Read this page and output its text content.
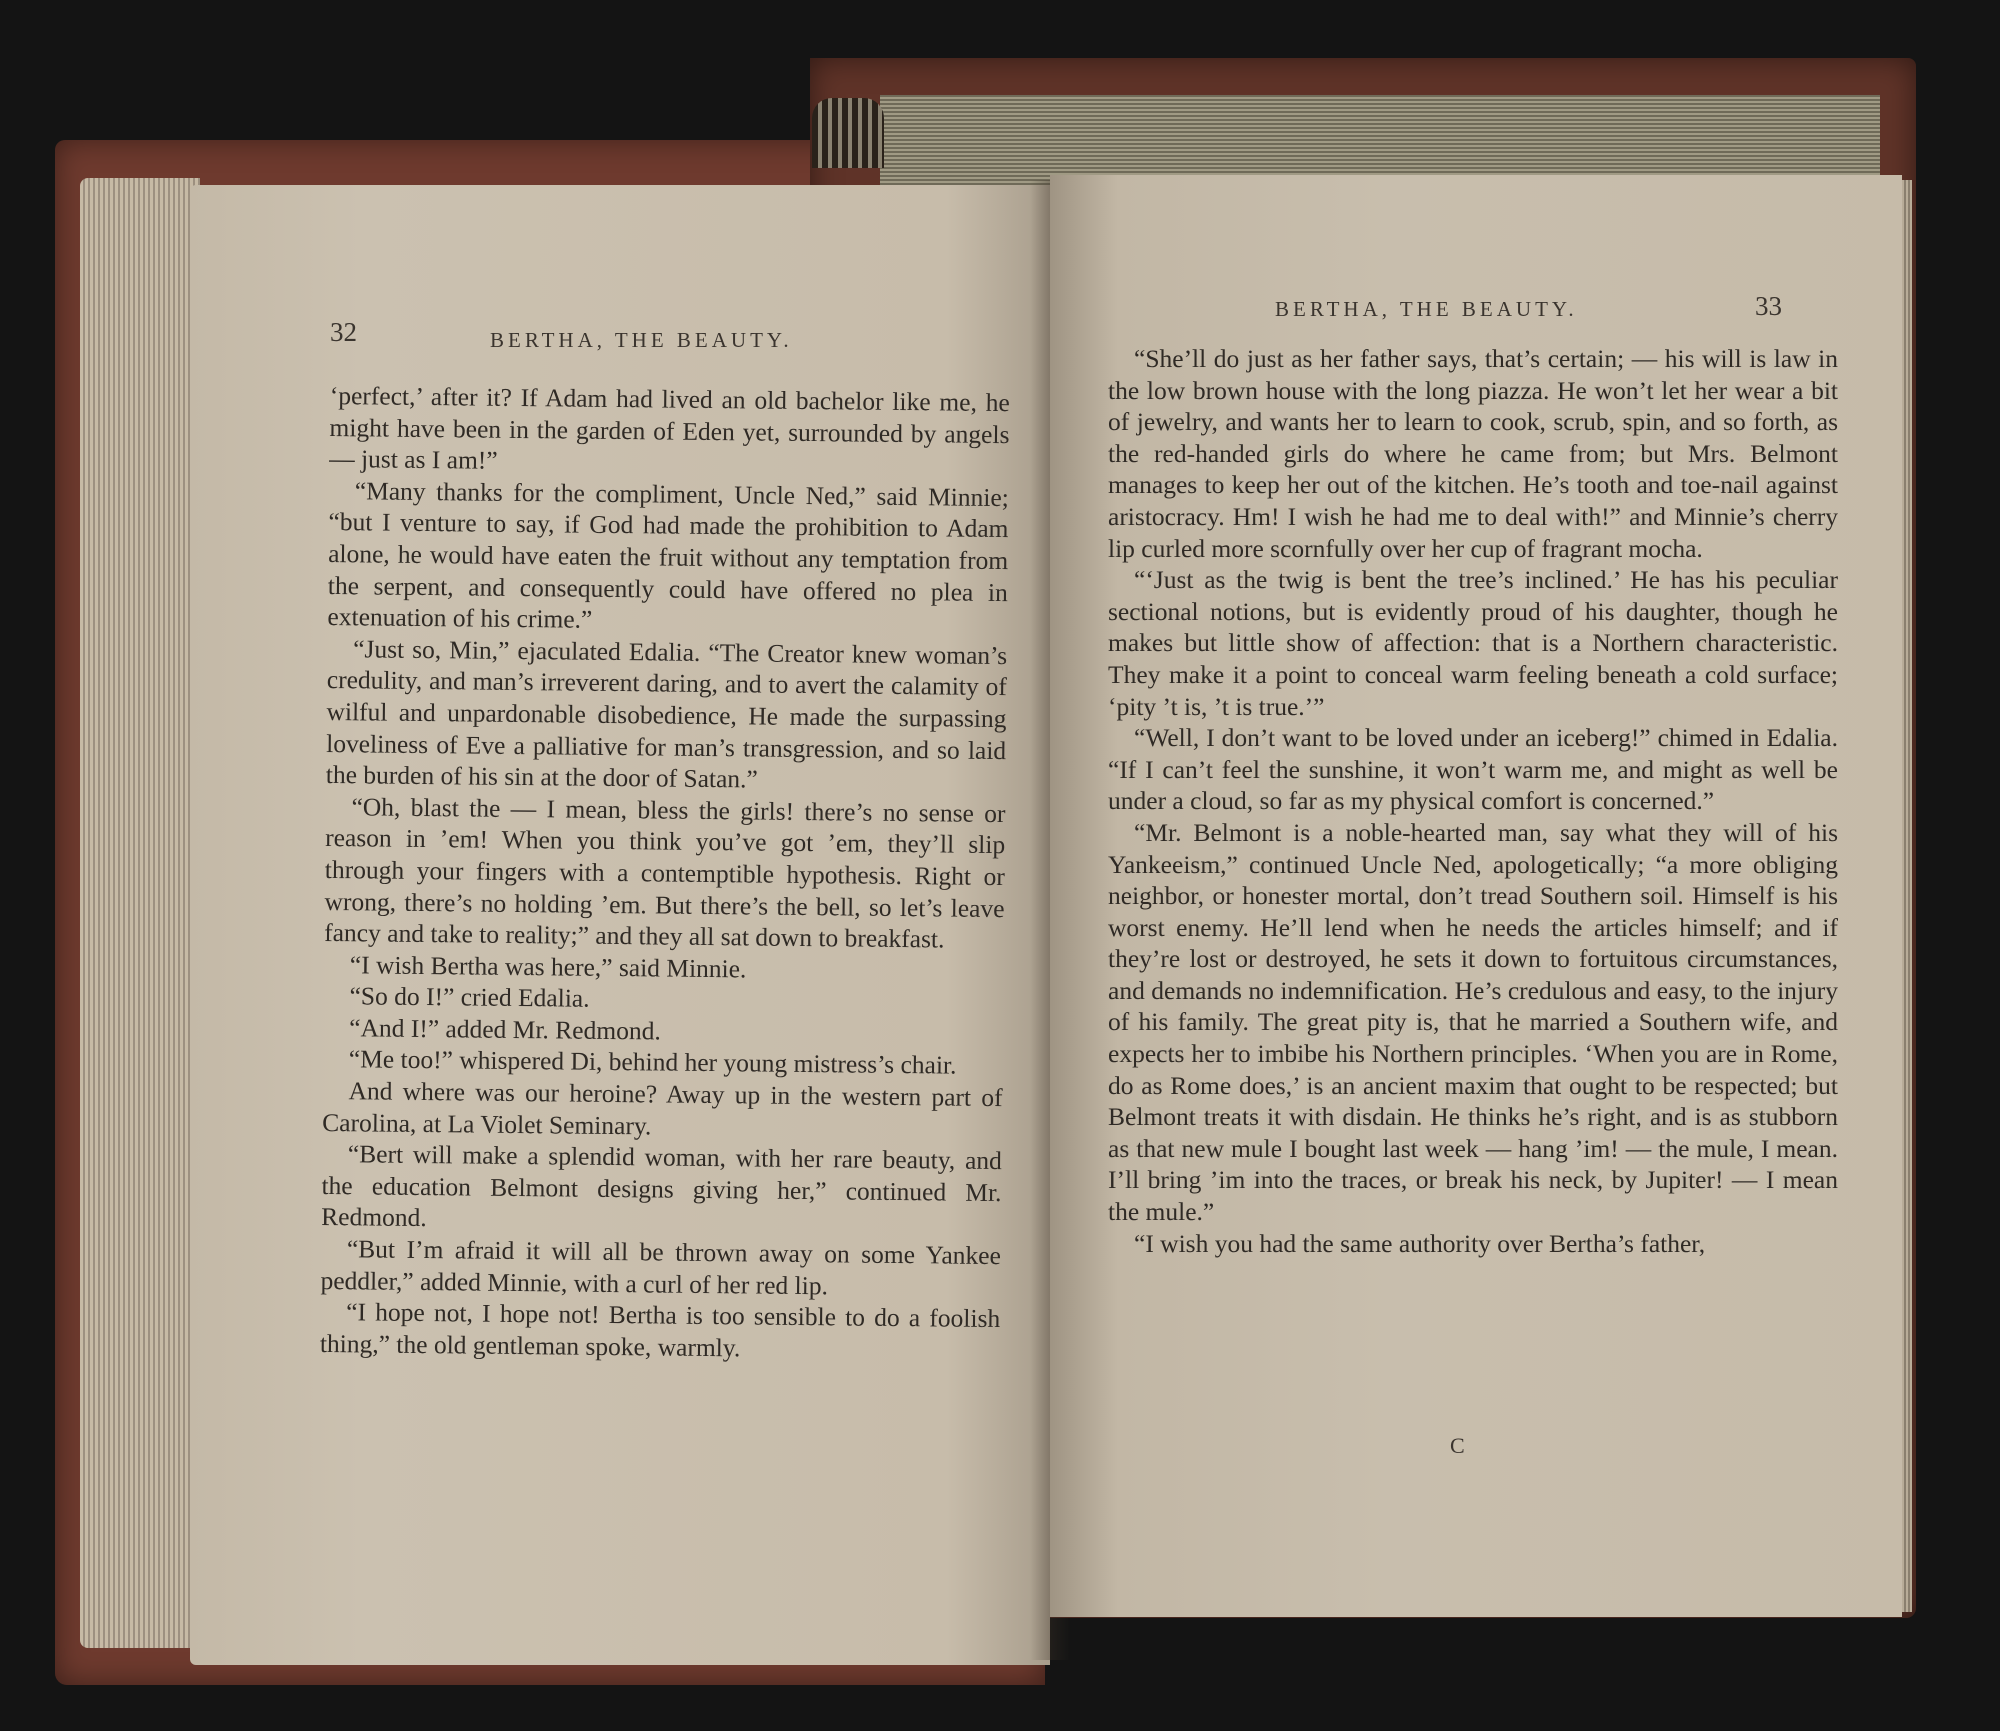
32	BERTHA, THE BEAUTY.

‘perfect,’ after it? If Adam had lived an old bachelor like me, he might have been in the garden of Eden yet, surrounded by angels — just as I am!”

“Many thanks for the compliment, Uncle Ned,” said Minnie; “but I venture to say, if God had made the prohibition to Adam alone, he would have eaten the fruit without any temptation from the serpent, and consequently could have offered no plea in extenuation of his crime.”

“Just so, Min,” ejaculated Edalia. “The Creator knew woman’s credulity, and man’s irreverent daring, and to avert the calamity of wilful and unpardonable disobedience, He made the surpassing loveliness of Eve a palliative for man’s transgression, and so laid the burden of his sin at the door of Satan.”

“Oh, blast the — I mean, bless the girls! there’s no sense or reason in ’em! When you think you’ve got ’em, they’ll slip through your fingers with a contemptible hypothesis. Right or wrong, there’s no holding ’em. But there’s the bell, so let’s leave fancy and take to reality;” and they all sat down to breakfast.

“I wish Bertha was here,” said Minnie.

“So do I!” cried Edalia.

“And I!” added Mr. Redmond.

“Me too!” whispered Di, behind her young mistress’s chair.

And where was our heroine? Away up in the western part of Carolina, at La Violet Seminary.

“Bert will make a splendid woman, with her rare beauty, and the education Belmont designs giving her,” continued Mr. Redmond.

“But I’m afraid it will all be thrown away on some Yankee peddler,” added Minnie, with a curl of her red lip.

“I hope not, I hope not! Bertha is too sensible to do a foolish thing,” the old gentleman spoke, warmly.

BERTHA, THE BEAUTY.	33

“She’ll do just as her father says, that’s certain; — his will is law in the low brown house with the long piazza. He won’t let her wear a bit of jewelry, and wants her to learn to cook, scrub, spin, and so forth, as the red-handed girls do where he came from; but Mrs. Belmont manages to keep her out of the kitchen. He’s tooth and toe-nail against aristocracy. Hm! I wish he had me to deal with!” and Minnie’s cherry lip curled more scornfully over her cup of fragrant mocha.

“‘Just as the twig is bent the tree’s inclined.’ He has his peculiar sectional notions, but is evidently proud of his daughter, though he makes but little show of affection: that is a Northern characteristic. They make it a point to conceal warm feeling beneath a cold surface; ‘pity ’t is, ’t is true.’”

“Well, I don’t want to be loved under an iceberg!” chimed in Edalia. “If I can’t feel the sunshine, it won’t warm me, and might as well be under a cloud, so far as my physical comfort is concerned.”

“Mr. Belmont is a noble-hearted man, say what they will of his Yankeeism,” continued Uncle Ned, apologetically; “a more obliging neighbor, or honester mortal, don’t tread Southern soil. Himself is his worst enemy. He’ll lend when he needs the articles himself; and if they’re lost or destroyed, he sets it down to fortuitous circumstances, and demands no indemnification. He’s credulous and easy, to the injury of his family. The great pity is, that he married a Southern wife, and expects her to imbibe his Northern principles. ‘When you are in Rome, do as Rome does,’ is an ancient maxim that ought to be respected; but Belmont treats it with disdain. He thinks he’s right, and is as stubborn as that new mule I bought last week — hang ’im! — the mule, I mean. I’ll bring ’im into the traces, or break his neck, by Jupiter! — I mean the mule.”

“I wish you had the same authority over Bertha’s father,

C
